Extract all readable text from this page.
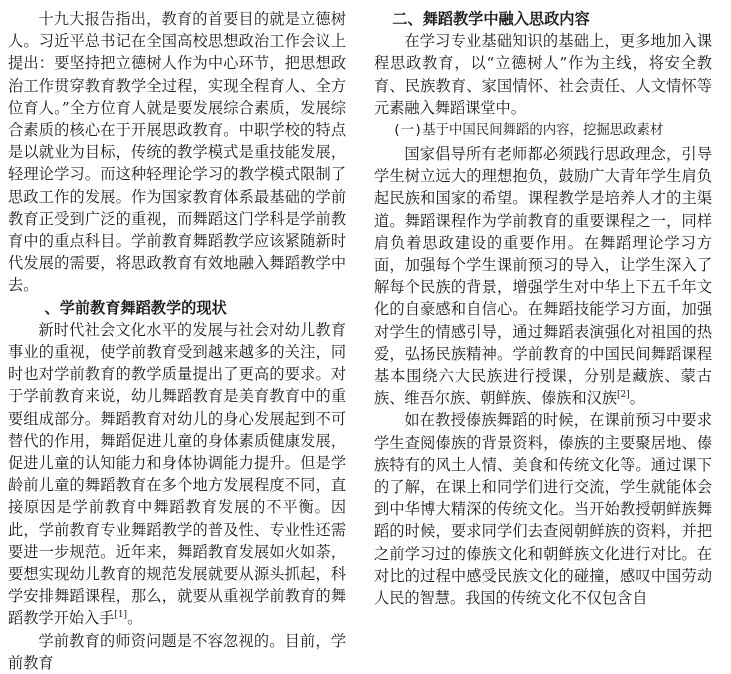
十九大报告指出，教育的首要目的就是立德树人。习近平总书记在全国高校思想政治工作会议上提出：要坚持把立德树人作为中心环节，把思想政治工作贯穿教育教学全过程，实现全程育人、全方位育人。”全方位育人就是要发展综合素质，发展综合素质的核心在于开展思政教育。中职学校的特点是以就业为目标，传统的教学模式是重技能发展，轻理论学习。而这种轻理论学习的教学模式限制了思政工作的发展。作为国家教育体系最基础的学前教育正受到广泛的重视，而舞蹈这门学科是学前教育中的重点科目。学前教育舞蹈教学应该紧随新时代发展的需要，将思政教育有效地融入舞蹈教学中去。

、学前教育舞蹈教学的现状

新时代社会文化水平的发展与社会对幼儿教育事业的重视，使学前教育受到越来越多的关注，同时也对学前教育的教学质量提出了更高的要求。对于学前教育来说，幼儿舞蹈教育是美育教育中的重要组成部分。舞蹈教育对幼儿的身心发展起到不可替代的作用，舞蹈促进儿童的身体素质健康发展，促进儿童的认知能力和身体协调能力提升。但是学龄前儿童的舞蹈教育在多个地方发展程度不同，直接原因是学前教育中舞蹈教育发展的不平衡。因此，学前教育专业舞蹈教学的普及性、专业性还需要进一步规范。近年来，舞蹈教育发展如火如荼，要想实现幼儿教育的规范发展就要从源头抓起，科学安排舞蹈课程，那么，就要从重视学前教育的舞蹈教学开始入手[1]。

学前教育的师资问题是不容忽视的。目前，学前教育

二、舞蹈教学中融入思政内容

在学习专业基础知识的基础上，更多地加入课程思政教育，以“立德树人”作为主线，将安全教育、民族教育、家国情怀、社会责任、人文情怀等元素融入舞蹈课堂中。

(一)基于中国民间舞蹈的内容，挖掘思政素材

国家倡导所有老师都必须践行思政理念，引导学生树立远大的理想抱负，鼓励广大青年学生肩负起民族和国家的希望。课程教学是培养人才的主渠道。舞蹈课程作为学前教育的重要课程之一，同样肩负着思政建设的重要作用。在舞蹈理论学习方面，加强每个学生课前预习的导入，让学生深入了解每个民族的背景，增强学生对中华上下五千年文化的自豪感和自信心。在舞蹈技能学习方面，加强对学生的情感引导，通过舞蹈表演强化对祖国的热爱，弘扬民族精神。学前教育的中国民间舞蹈课程基本围绕六大民族进行授课，分别是藏族、蒙古族、维吾尔族、朝鲜族、傣族和汉族[2]。

如在教授傣族舞蹈的时候，在课前预习中要求学生查阅傣族的背景资料，傣族的主要聚居地、傣族特有的风土人情、美食和传统文化等。通过课下的了解，在课上和同学们进行交流，学生就能体会到中华博大精深的传统文化。当开始教授朝鲜族舞蹈的时候，要求同学们去查阅朝鲜族的资料，并把之前学习过的傣族文化和朝鲜族文化进行对比。在对比的过程中感受民族文化的碰撞，感叹中国劳动人民的智慧。我国的传统文化不仅包含自
